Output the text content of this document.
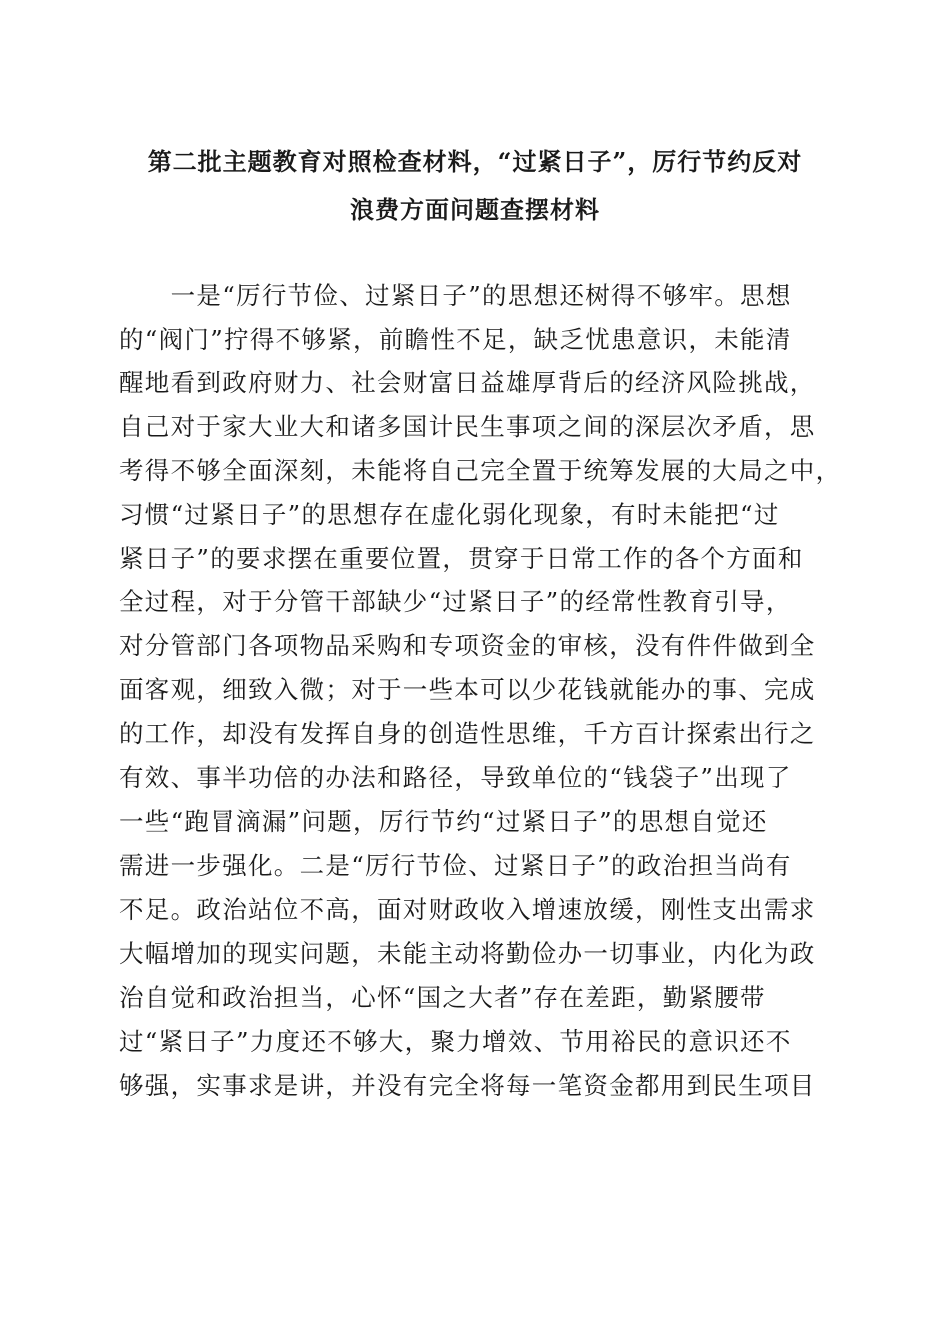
第二批主题教育对照检查材料，“过紧日子”，厉行节约反对
浪费方面问题查摆材料
　　一是“厉行节俭、过紧日子”的思想还树得不够牢。思想
的“阀门”拧得不够紧，前瞻性不足，缺乏忧患意识，未能清
醒地看到政府财力、社会财富日益雄厚背后的经济风险挑战，
自己对于家大业大和诸多国计民生事项之间的深层次矛盾，思
考得不够全面深刻，未能将自己完全置于统筹发展的大局之中，
习惯“过紧日子”的思想存在虚化弱化现象，有时未能把“过
紧日子”的要求摆在重要位置，贯穿于日常工作的各个方面和
全过程，对于分管干部缺少“过紧日子”的经常性教育引导，
对分管部门各项物品采购和专项资金的审核，没有件件做到全
面客观，细致入微；对于一些本可以少花钱就能办的事、完成
的工作，却没有发挥自身的创造性思维，千方百计探索出行之
有效、事半功倍的办法和路径，导致单位的“钱袋子”出现了
一些“跑冒滴漏”问题，厉行节约“过紧日子”的思想自觉还
需进一步强化。二是“厉行节俭、过紧日子”的政治担当尚有
不足。政治站位不高，面对财政收入增速放缓，刚性支出需求
大幅增加的现实问题，未能主动将勤俭办一切事业，内化为政
治自觉和政治担当，心怀“国之大者”存在差距，勤紧腰带
过“紧日子”力度还不够大，聚力增效、节用裕民的意识还不
够强，实事求是讲，并没有完全将每一笔资金都用到民生项目
